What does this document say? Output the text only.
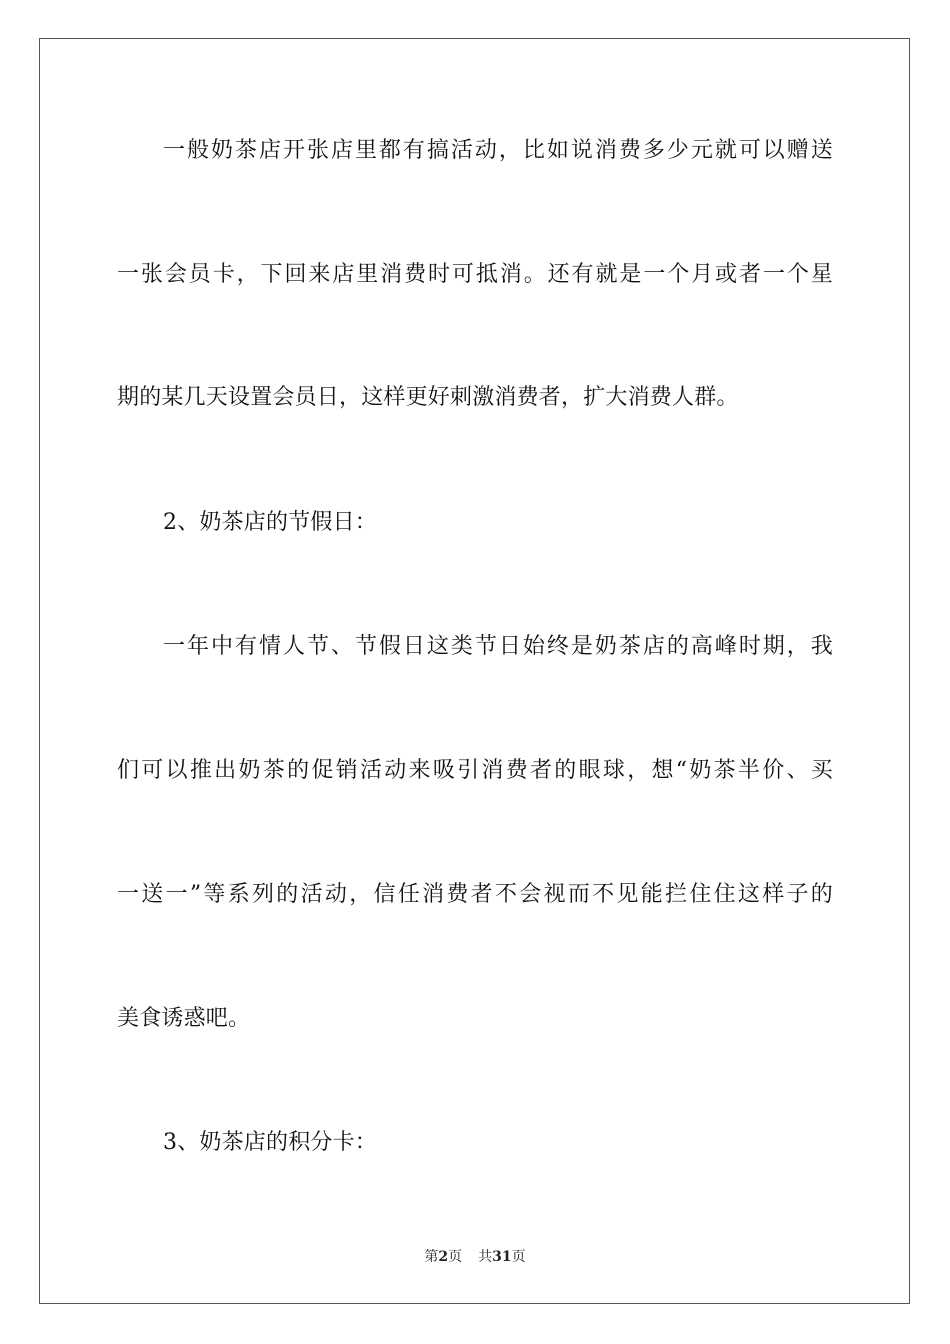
一般奶茶店开张店里都有搞活动，比如说消费多少元就可以赠送
一张会员卡，下回来店里消费时可抵消。还有就是一个月或者一个星
期的某几天设置会员日，这样更好刺激消费者，扩大消费人群。
2、奶茶店的节假日：
一年中有情人节、节假日这类节日始终是奶茶店的高峰时期，我
们可以推出奶茶的促销活动来吸引消费者的眼球，想“奶茶半价、买
一送一”等系列的活动，信任消费者不会视而不见能拦住住这样子的
美食诱惑吧。
3、奶茶店的积分卡：
第2页 共31页
